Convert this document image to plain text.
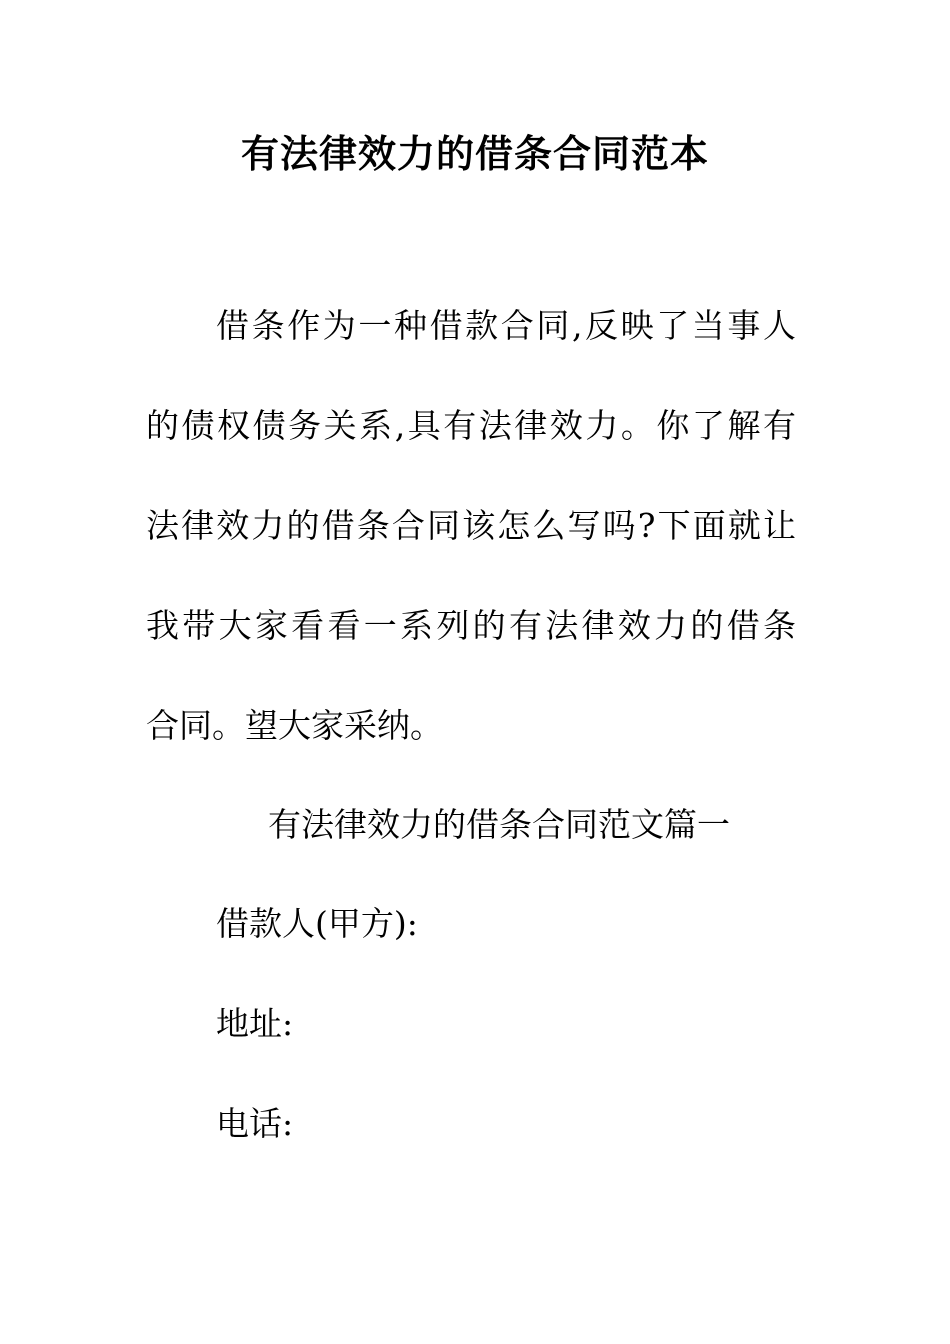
有法律效力的借条合同范本
借条作为一种借款合同,反映了当事人
的债权债务关系,具有法律效力。你了解有
法律效力的借条合同该怎么写吗?下面就让
我带大家看看一系列的有法律效力的借条
合同。望大家采纳。
有法律效力的借条合同范文篇一
借款人(甲方):
地址:
电话:
